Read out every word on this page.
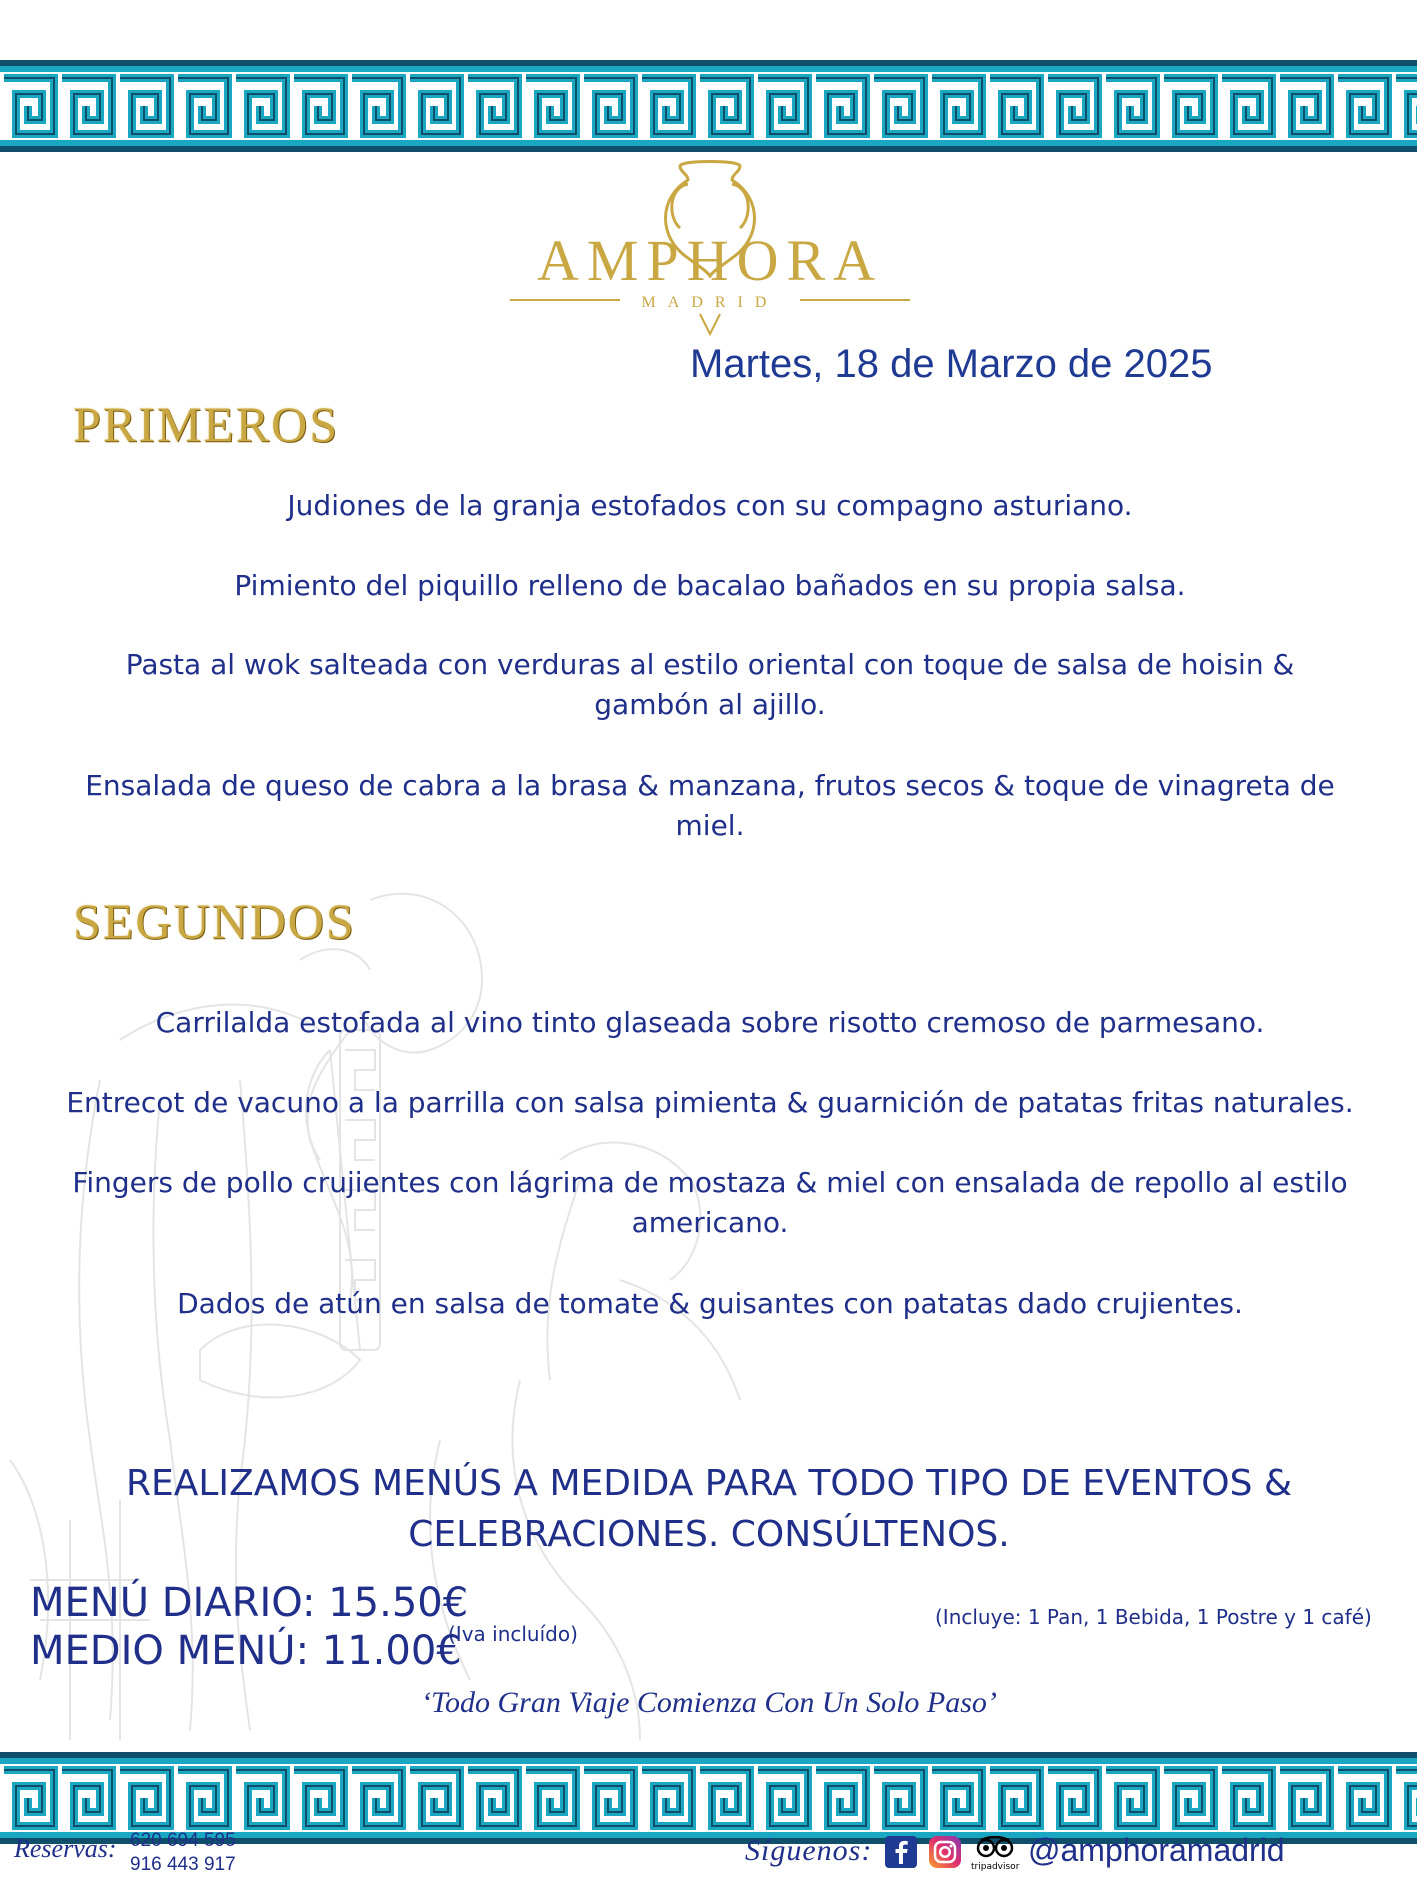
AMPHORA
MADRID
Martes, 18 de Marzo de 2025
PRIMEROS
Judiones de la granja estofados con su compagno asturiano.
Pimiento del piquillo relleno de bacalao bañados en su propia salsa.
Pasta al wok salteada con verduras al estilo oriental con toque de salsa de hoisin & gambón al ajillo.
Ensalada de queso de cabra a la brasa & manzana, frutos secos & toque de vinagreta de miel.
SEGUNDOS
Carrilalda estofada al vino tinto glaseada sobre risotto cremoso de parmesano.
Entrecot de vacuno a la parrilla con salsa pimienta & guarnición de patatas fritas naturales.
Fingers de pollo crujientes con lágrima de mostaza & miel con ensalada de repollo al estilo americano.
Dados de atún en salsa de tomate & guisantes con patatas dado crujientes.
REALIZAMOS MENÚS A MEDIDA PARA TODO TIPO DE EVENTOS &
CELEBRACIONES. CONSÚLTENOS.
MENÚ DIARIO: 15.50€
MEDIO MENÚ: 11.00€
(Iva incluído)
(Incluye: 1 Pan, 1 Bebida, 1 Postre y 1 café)
‘Todo Gran Viaje Comienza Con Un Solo Paso’
Reservas: 620 694 595
916 443 917	Síguenos:	tripadvisor @amphoramadrid
